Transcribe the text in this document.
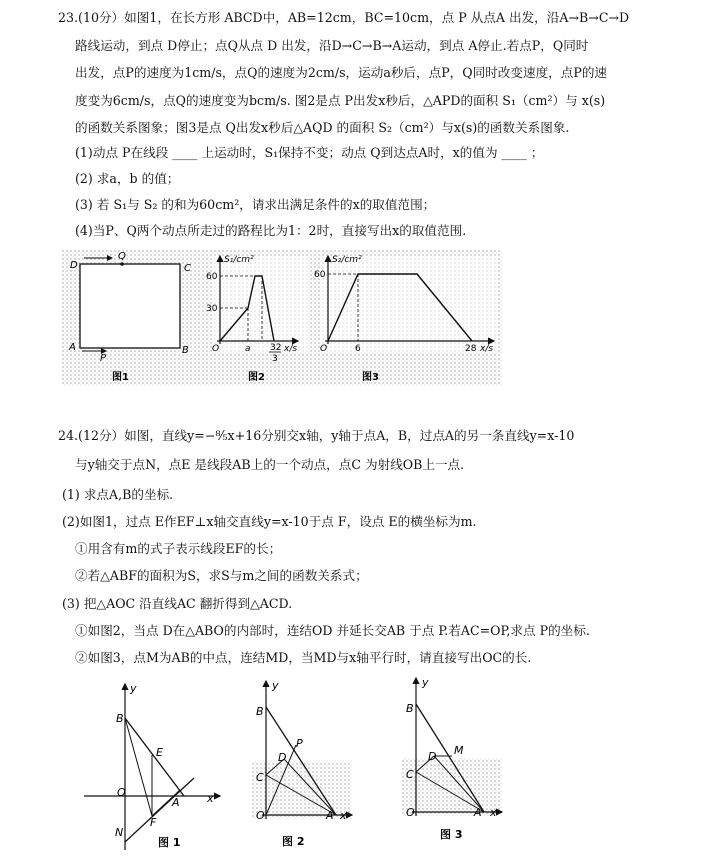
23.(10分）如图1，在长方形 ABCD中，AB=12cm，BC=10cm，点 P 从点A 出发，沿A→B→C→D
路线运动，到点 D停止；点Q从点 D 出发，沿D→C→B→A运动，到点 A停止.若点P，Q同时
出发，点P的速度为1cm/s，点Q的速度为2cm/s，运动a秒后，点P，Q同时改变速度，点P的速
度变为6cm/s，点Q的速度变为bcm/s. 图2是点 P出发x秒后，△APD的面积 S₁（cm²）与 x(s)
的函数关系图象；图3是点 Q出发x秒后△AQD 的面积 S₂（cm²）与x(s)的函数关系图象.
(1)动点 P在线段 ____ 上运动时，S₁保持不变；动点 Q到达点A时，x的值为 ____ ；
(2) 求a，b 的值；
(3) 若 S₁与 S₂ 的和为60cm²，请求出满足条件的x的取值范围；
(4)当P、Q两个动点所走过的路程比为1：2时，直接写出x的取值范围.
D
Q
C
A
P
B
图1
S₁/cm²
60
30
O	a 32
3
x/s
图2
S₂/cm²
60
O	6	28 x/s
图3
24.(12分）如图，直线y=−⁸⁄₅x+16分别交x轴，y轴于点A，B，过点A的另一条直线y=x-10
与y轴交于点N，点E 是线段AB上的一个动点，点C 为射线OB上一点.
(1) 求点A,B的坐标.
(2)如图1，过点 E作EF⊥x轴交直线y=x-10于点 F，设点 E的横坐标为m.
①用含有m的式子表示线段EF的长；
②若△ABF的面积为S，求S与m之间的函数关系式；
(3) 把△AOC 沿直线AC 翻折得到△ACD.
①如图2，当点 D在△ABO的内部时，连结OD 并延长交AB 于点 P.若AC=OP,求点 P的坐标.
②如图3，点M为AB的中点，连结MD，当MD与x轴平行时，请直接写出OC的长.
y
B
E
O
A x
F
N
图 1
y
B
P
D
C
O	A x
图 2
y
B
M
D
C
O	A x
图 3
